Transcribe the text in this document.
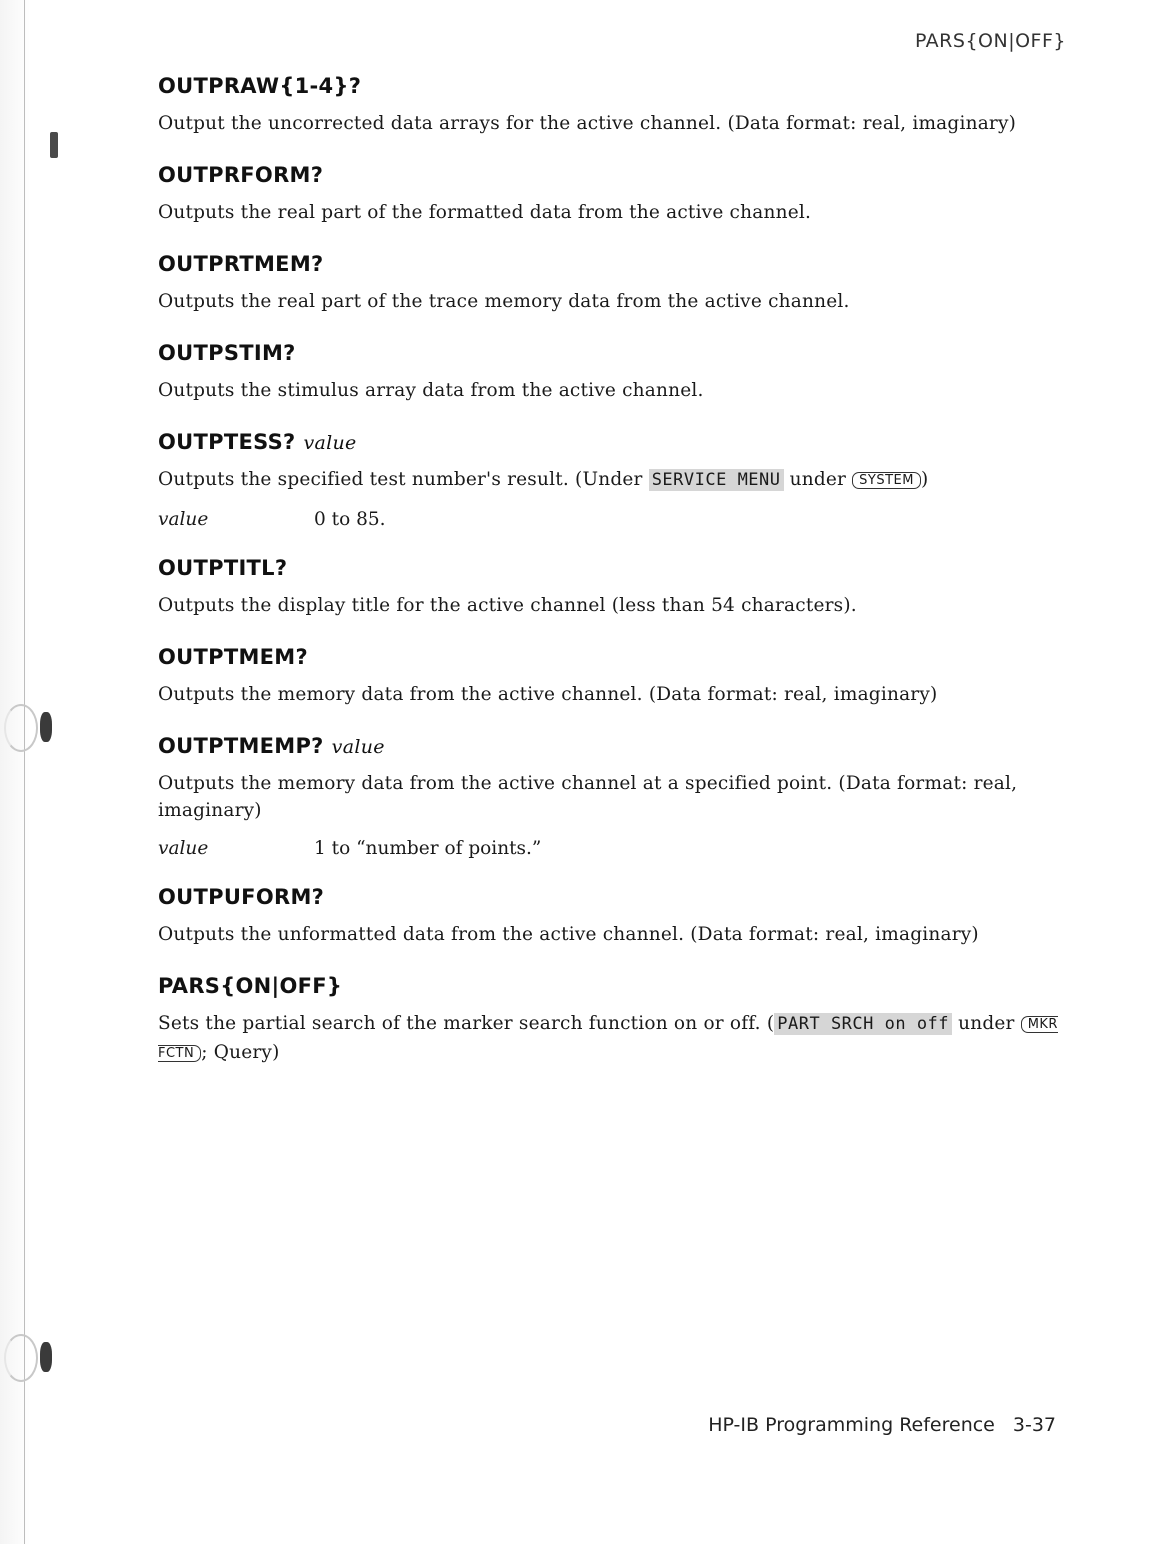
PARS{ON|OFF}
OUTPRAW{1-4}?

Output the uncorrected data arrays for the active channel. (Data format: real, imaginary)

OUTPRFORM?

Outputs the real part of the formatted data from the active channel.

OUTPRTMEM?

Outputs the real part of the trace memory data from the active channel.

OUTPSTIM?

Outputs the stimulus array data from the active channel.

OUTPTESS? value

Outputs the specified test number's result. (Under SERVICE MENU under SYSTEM )

value	0 to 85.
OUTPTITL?

Outputs the display title for the active channel (less than 54 characters).

OUTPTMEM?

Outputs the memory data from the active channel. (Data format: real, imaginary)

OUTPTMEMP? value

Outputs the memory data from the active channel at a specified point. (Data format: real, imaginary)

value	1 to “number of points.”
OUTPUFORM?

Outputs the unformatted data from the active channel. (Data format: real, imaginary)

PARS{ON|OFF}

Sets the partial search of the marker search function on or off. ( PART SRCH on off under MKR FCTN ; Query)

HP-IB Programming Reference 3-37
